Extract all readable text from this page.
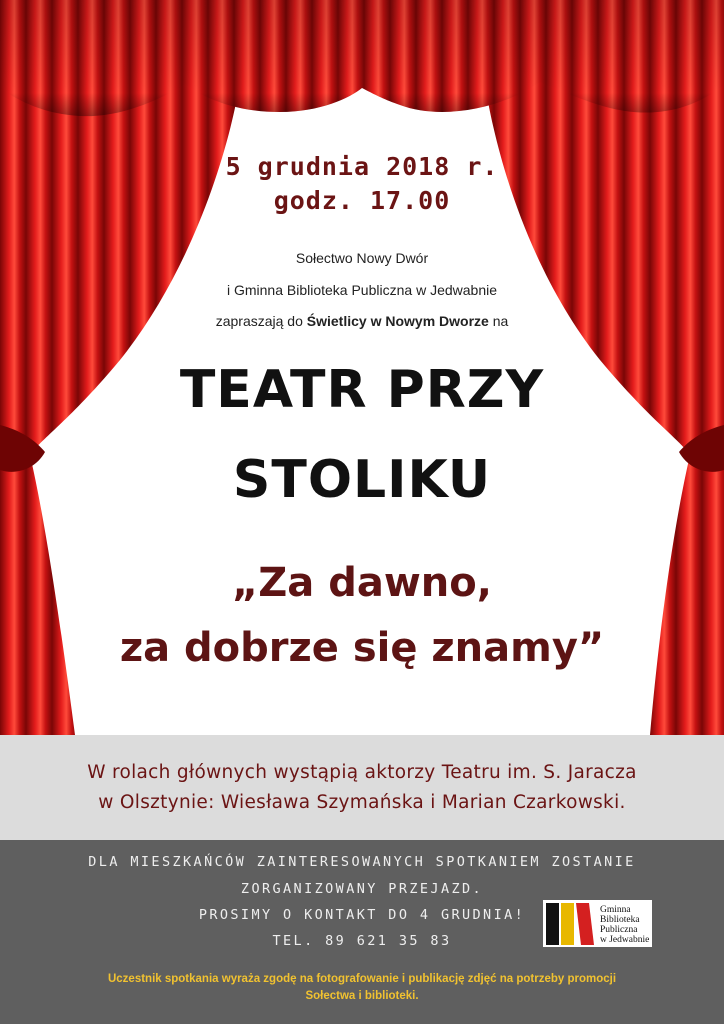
5 grudnia 2018 r.
godz. 17.00
Sołectwo Nowy Dwór
i Gminna Biblioteka Publiczna w Jedwabnie
zapraszają do Świetlicy w Nowym Dworze na
TEATR PRZY
STOLIKU
„Za dawno,
za dobrze się znamy”
W rolach głównych wystąpią aktorzy Teatru im. S. Jaracza
w Olsztynie: Wiesława Szymańska i Marian Czarkowski.
DLA MIESZKAŃCÓW ZAINTERESOWANYCH SPOTKANIEM ZOSTANIE
ZORGANIZOWANY PRZEJAZD.
PROSIMY O KONTAKT DO 4 GRUDNIA!
TEL. 89 621 35 83
Uczestnik spotkania wyraża zgodę na fotografowanie i publikację zdjęć na potrzeby promocji
Sołectwa i biblioteki.
Gminna
Biblioteka
Publiczna
w Jedwabnie
